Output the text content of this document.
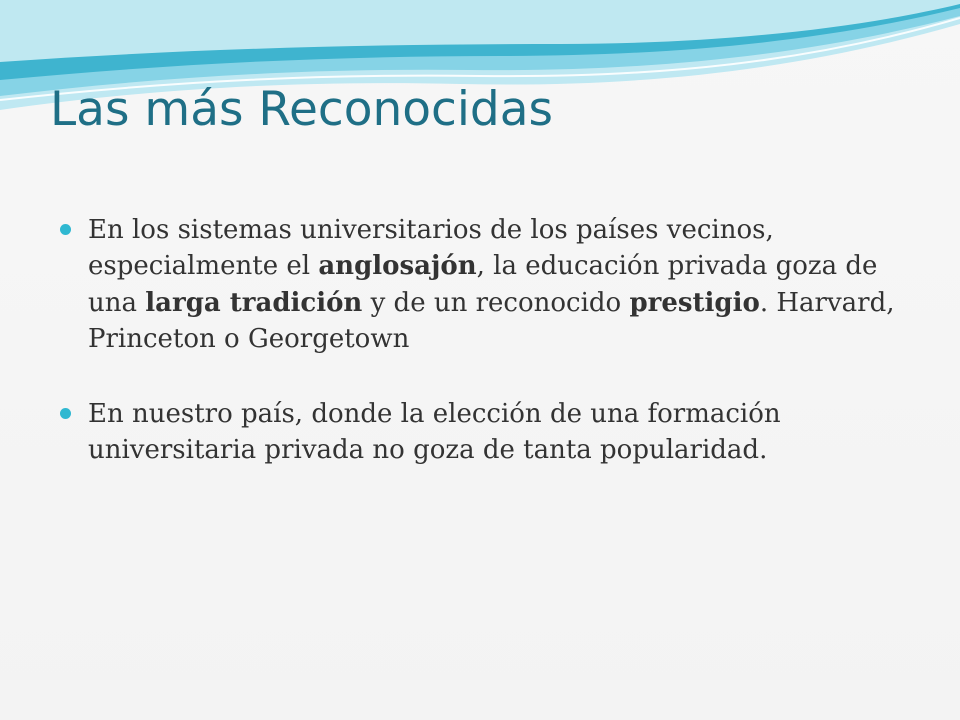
Las más Reconocidas
En los sistemas universitarios de los países vecinos, especialmente el anglosajón, la educación privada goza de una larga tradición y de un reconocido prestigio. Harvard, Princeton o Georgetown
En nuestro país, donde la elección de una formación universitaria privada no goza de tanta popularidad.
